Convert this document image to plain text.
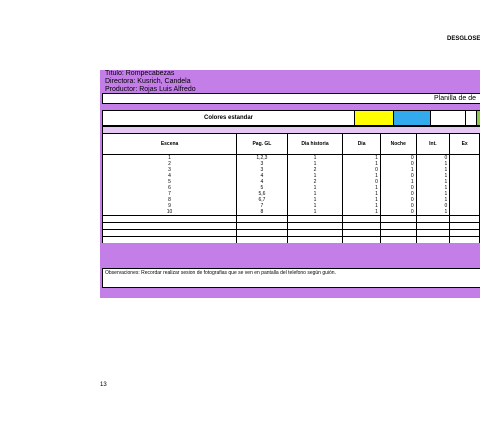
DESGLOSE
Titulo: Rompecabezas
Directora: Kusrich, Candela
Productor: Rojas Luis Alfredo
Planilla de de
Colores estandar
Escena	Pag. GL	Dia historia	Dia	Noche	Int.	Ex
1	1,2,3	1	1	0	0	
2	3	1	1	0	1	
3	3	2	0	1	1	
4	4	1	1	0	1	
5	4	2	0	1	1	
6	5	1	1	0	1	
7	5,6	1	1	0	1	
8	6,7	1	1	0	1	
9	7	1	1	0	0	
10	8	1	1	0	1	

Observaciones: Recordar realizar sesion de fotografias que se ven en pantalla del telefono según guión.
13
